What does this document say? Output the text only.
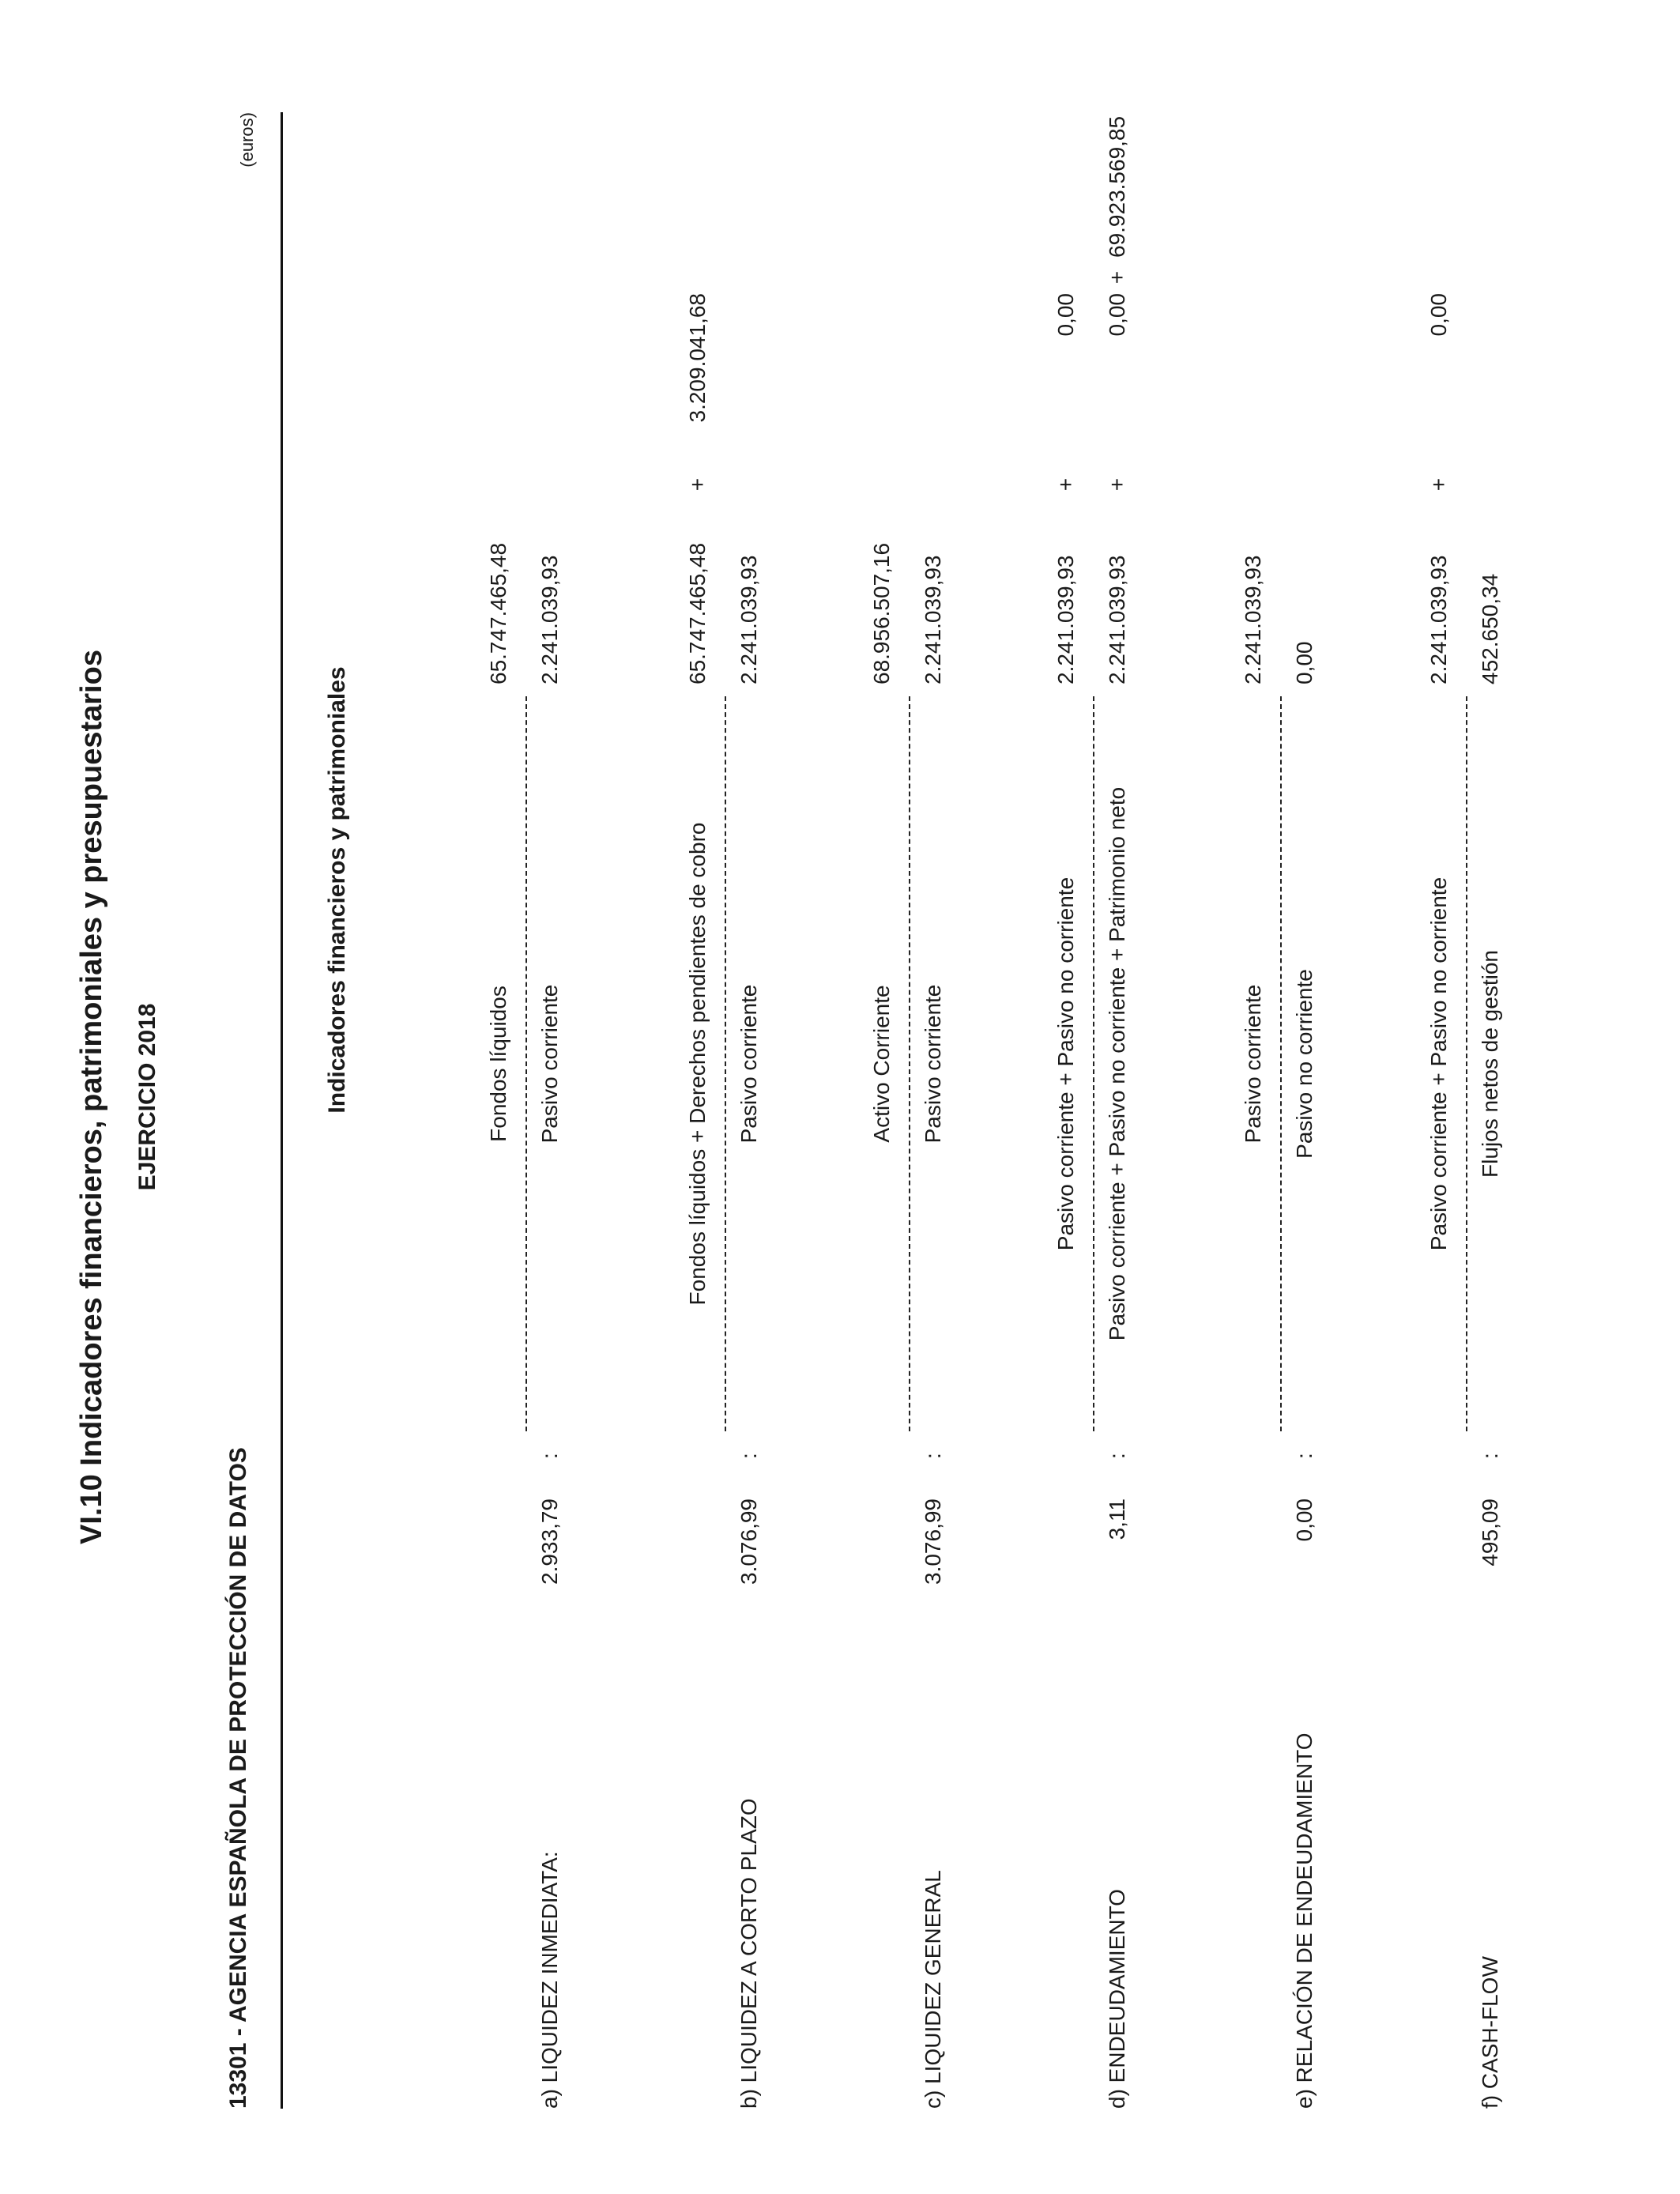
VI.10 Indicadores financieros, patrimoniales y presupuestarios EJERCICIO 2018
13301 - AGENCIA ESPAÑOLA DE PROTECCIÓN DE DATOS
(euros)
Indicadores financieros y patrimoniales
a) LIQUIDEZ INMEDIATA:
2.933,79
:
Fondos líquidos Pasivo corriente
65.747.465,48 2.241.039,93
b) LIQUIDEZ A CORTO PLAZO
3.076,99
:
Fondos líquidos + Derechos pendientes de cobro Pasivo corriente
65.747.465,48
+
3.209.041,68
2.241.039,93
c) LIQUIDEZ GENERAL
3.076,99
:
Activo Corriente Pasivo corriente
68.956.507,16 2.241.039,93
d) ENDEUDAMIENTO
3,11
:
Pasivo corriente + Pasivo no corriente Pasivo corriente + Pasivo no corriente + Patrimonio neto
2.241.039,93
+
0,00
2.241.039,93
+
0,00
+
69.923.569,85
e) RELACIÓN DE ENDEUDAMIENTO
0,00
:
Pasivo corriente Pasivo no corriente
2.241.039,93 0,00
f) CASH-FLOW
495,09
:
Pasivo corriente + Pasivo no corriente Flujos netos de gestión
2.241.039,93
+
0,00
452.650,34
